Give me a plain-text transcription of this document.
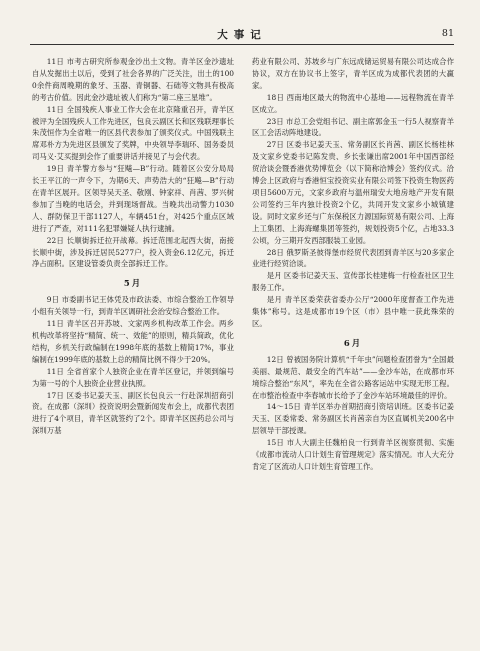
大事记	81

11日 市考古研究所参观金沙出土文物。青羊区金沙遗址自从发掘出土以后，受到了社会各界的广泛关注，出土的1000余件商周晚期的象牙、玉器、青铜器、石础等文物具有极高的考古价值。因此金沙遗址被人们称为“第二座三星堆”。

11日 全国残疾人事业工作大会在北京隆重召开，青羊区被评为全国残疾人工作先进区，包良云副区长和区残联理事长朱茂恒作为全省唯一的区县代表参加了颁奖仪式。中国残联主席邓朴方为先进区县颁发了奖牌，中央领导李瑞环、国务委员司马义·艾买提到会作了重要讲话并接见了与会代表。

19日 青羊警方参与“狂飚—B”行动。随着区公安分局局长王平江的一声令下，为期6天、声势浩大的“狂飚—B”行动在青羊区展开。区领导吴天圣、敬刚、钟家祥、肖茜、罗兴树参加了当晚的电话会，并到现场督战。当晚共出动警力1030人、群防保卫干部1127人，车辆451台，对425个重点区域进行了严查，对111名犯罪嫌疑人执行逮捕。

22日 长顺街拆迁拉开战幕。拆迁范围北起西大街，南接长顺中街，涉及拆迁居民5277户，投入资金6.12亿元，拆迁净占面积。区建设管委负责全部拆迁工作。

5月

9日 市委副书记王体凭及市政法委、市综合整治工作领导小组有关领导一行，到青羊区调研社会治安综合整治工作。

11日 青羊区召开苏坡、文家两乡机构改革工作会。两乡机构改革将坚持“精简、统一、效能”的原则，精兵简政，优化结构，乡机关行政编制在1998年底的基数上精简17%，事业编制在1999年底的基数上总的精简比例不得少于20%。

11日 全省首家个人独资企业在青羊区登记，并领到编号为第一号的个人独资企业营业执照。

17日 区委书记姜天玉、副区长包良云一行赴深圳招商引资。在成都（深圳）投资说明会暨新闻发布会上，成都代表团进行了4个项目，青羊区就签约了2个。即青羊区医药总公司与深圳万基

药业有限公司、苏坡乡与广东远成储运贸易有限公司达成合作协议，双方在协议书上签字，青羊区成为成都代表团的大赢家。

18日 西南地区最大的物流中心基地——远程物流在青羊区成立。

23日 市总工会党组书记、副主席郭金玉一行5人视察青羊区工会活动阵地建设。

27日 区委书记姜天玉、常务副区长肖茜、副区长杨桂林及文家乡党委书记陈发贵、乡长张谦出席2001年中国西部经贸洽谈会暨香港优势博览会（以下简称洽博会）签约仪式。洽博会上区政府与香港恒宝投资实业有限公司签下投资生物医药项目5600万元，文家乡政府与温州瑞安大地房地产开发有限公司签约三年内独计投资2个亿，共同开发文家乡小城镇建设。同时文家乡还与广东保税区力源国际贸易有限公司、上海上工集团、上海海螺集团等签约，规划投资5个亿，占地33.3公顷，分三期开发西部服装工业园。

28日 俄罗斯圣彼得堡市经贸代表团到青羊区与20多家企业进行经贸洽谈。

是月 区委书记姜天玉、宣传部长桂建梅一行检查社区卫生服务工作。

是月 青羊区委荣获省委办公厅“2000年度督查工作先进集体”称号。这是成都市19个区（市）县中唯一获此殊荣的区。

6月

12日 曾被国务院计算机“千年虫”问题检查团誉为“全国最美丽、最规范、最安全的汽车站”——金沙车站，在成都市环境综合整治“东风”，率先在全省公路客运站中实现无形工程。在市整治检查中李春城市长给予了金沙车站环境最佳的评价。

14～15日 青羊区举办首期招商引资培训班。区委书记姜天玉、区委常委、常务副区长肖茜亲自为区直属机关200名中层领导干部授课。

15日 市人大副主任魏柏良一行到青羊区视察贯彻、实施《成都市流动人口计划生育管理规定》落实情况。市人大充分肯定了区流动人口计划生育管理工作。
